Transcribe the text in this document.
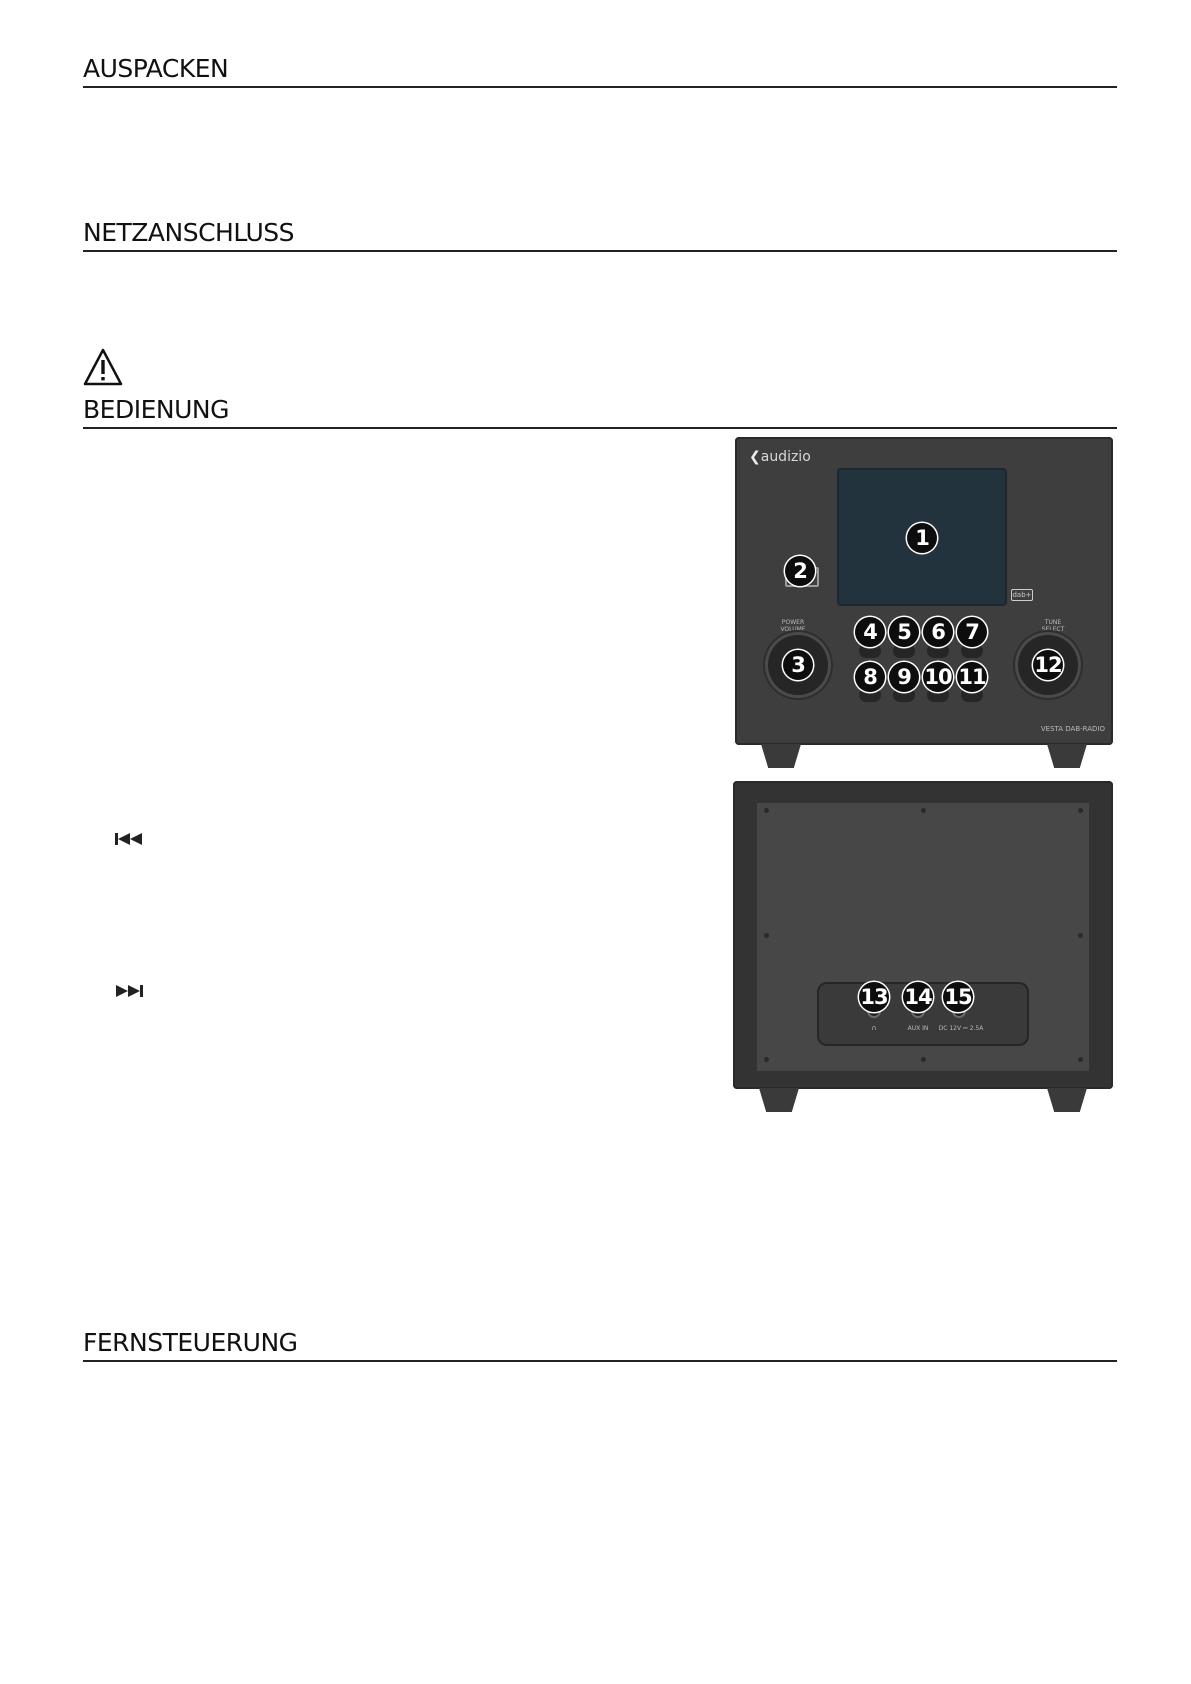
AUSPACKEN
NETZANSCHLUSS
BEDIENUNG
❮audizio
dab+
POWER VOLUME
TUNE SELECT
VESTA DAB-RADIO
1
2
3
4 5 6 7
8 9 10 11 12
∩	AUX IN	DC 12V ⎓ 2.5A
13 14 15
FERNSTEUERUNG
